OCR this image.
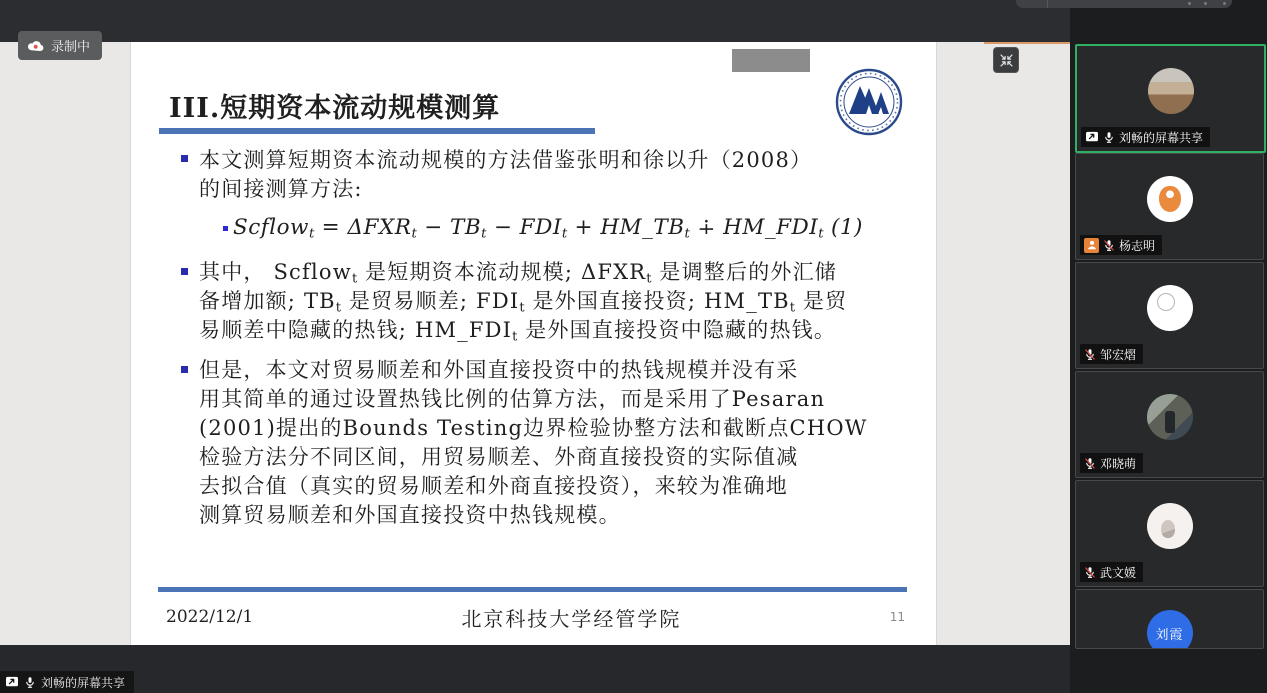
录制中
III.短期资本流动规模测算
本文测算短期资本流动规模的方法借鉴张明和徐以升（2008）
的间接测算方法:
Scflow$_t$ = $\Delta FXR_t - TB_t - FDI_t$ + $HM\_TB_t$ ∔ $HM\_FDI_t$ (1)
其中， Scflow$_t$ 是短期资本流动规模; $\Delta FXR_t$ 是调整后的外汇储
备增加额; $TB_t$ 是贸易顺差; $FDI_t$ 是外国直接投资; $HM\_TB_t$ 是贸
易顺差中隐藏的热钱; $HM\_FDI_t$ 是外国直接投资中隐藏的热钱。
但是，本文对贸易顺差和外国直接投资中的热钱规模并没有采
用其简单的通过设置热钱比例的估算方法，而是采用了Pesaran
(2001)提出的Bounds Testing边界检验协整方法和截断点CHOW
检验方法分不同区间，用贸易顺差、外商直接投资的实际值减
去拟合值（真实的贸易顺差和外商直接投资），来较为准确地
测算贸易顺差和外国直接投资中热钱规模。
2022/12/1	北京科技大学经管学院	11
刘畅的屏幕共享
刘畅的屏幕共享
杨志明
邹宏熠
邓晓萌
武文媛
刘霞
